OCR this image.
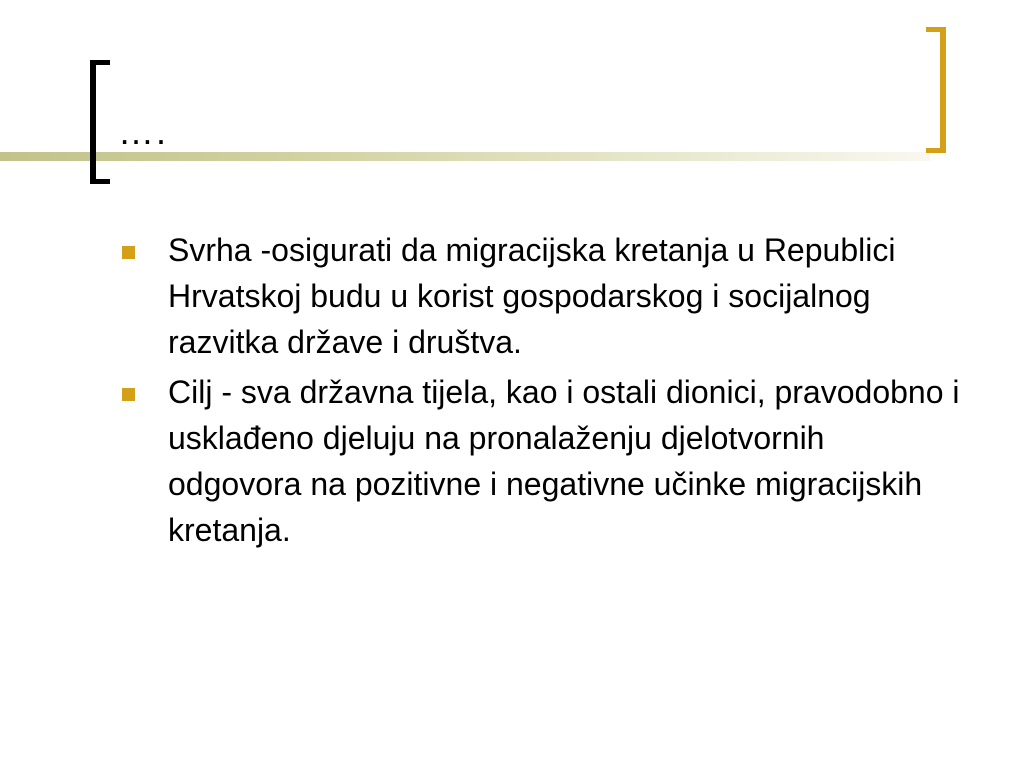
….
Svrha -osigurati da migracijska kretanja u Republici Hrvatskoj budu u korist gospodarskog i socijalnog razvitka države i društva.
Cilj - sva državna tijela, kao i ostali dionici, pravodobno i usklađeno djeluju na pronalaženju djelotvornih odgovora na pozitivne i negativne učinke migracijskih kretanja.
